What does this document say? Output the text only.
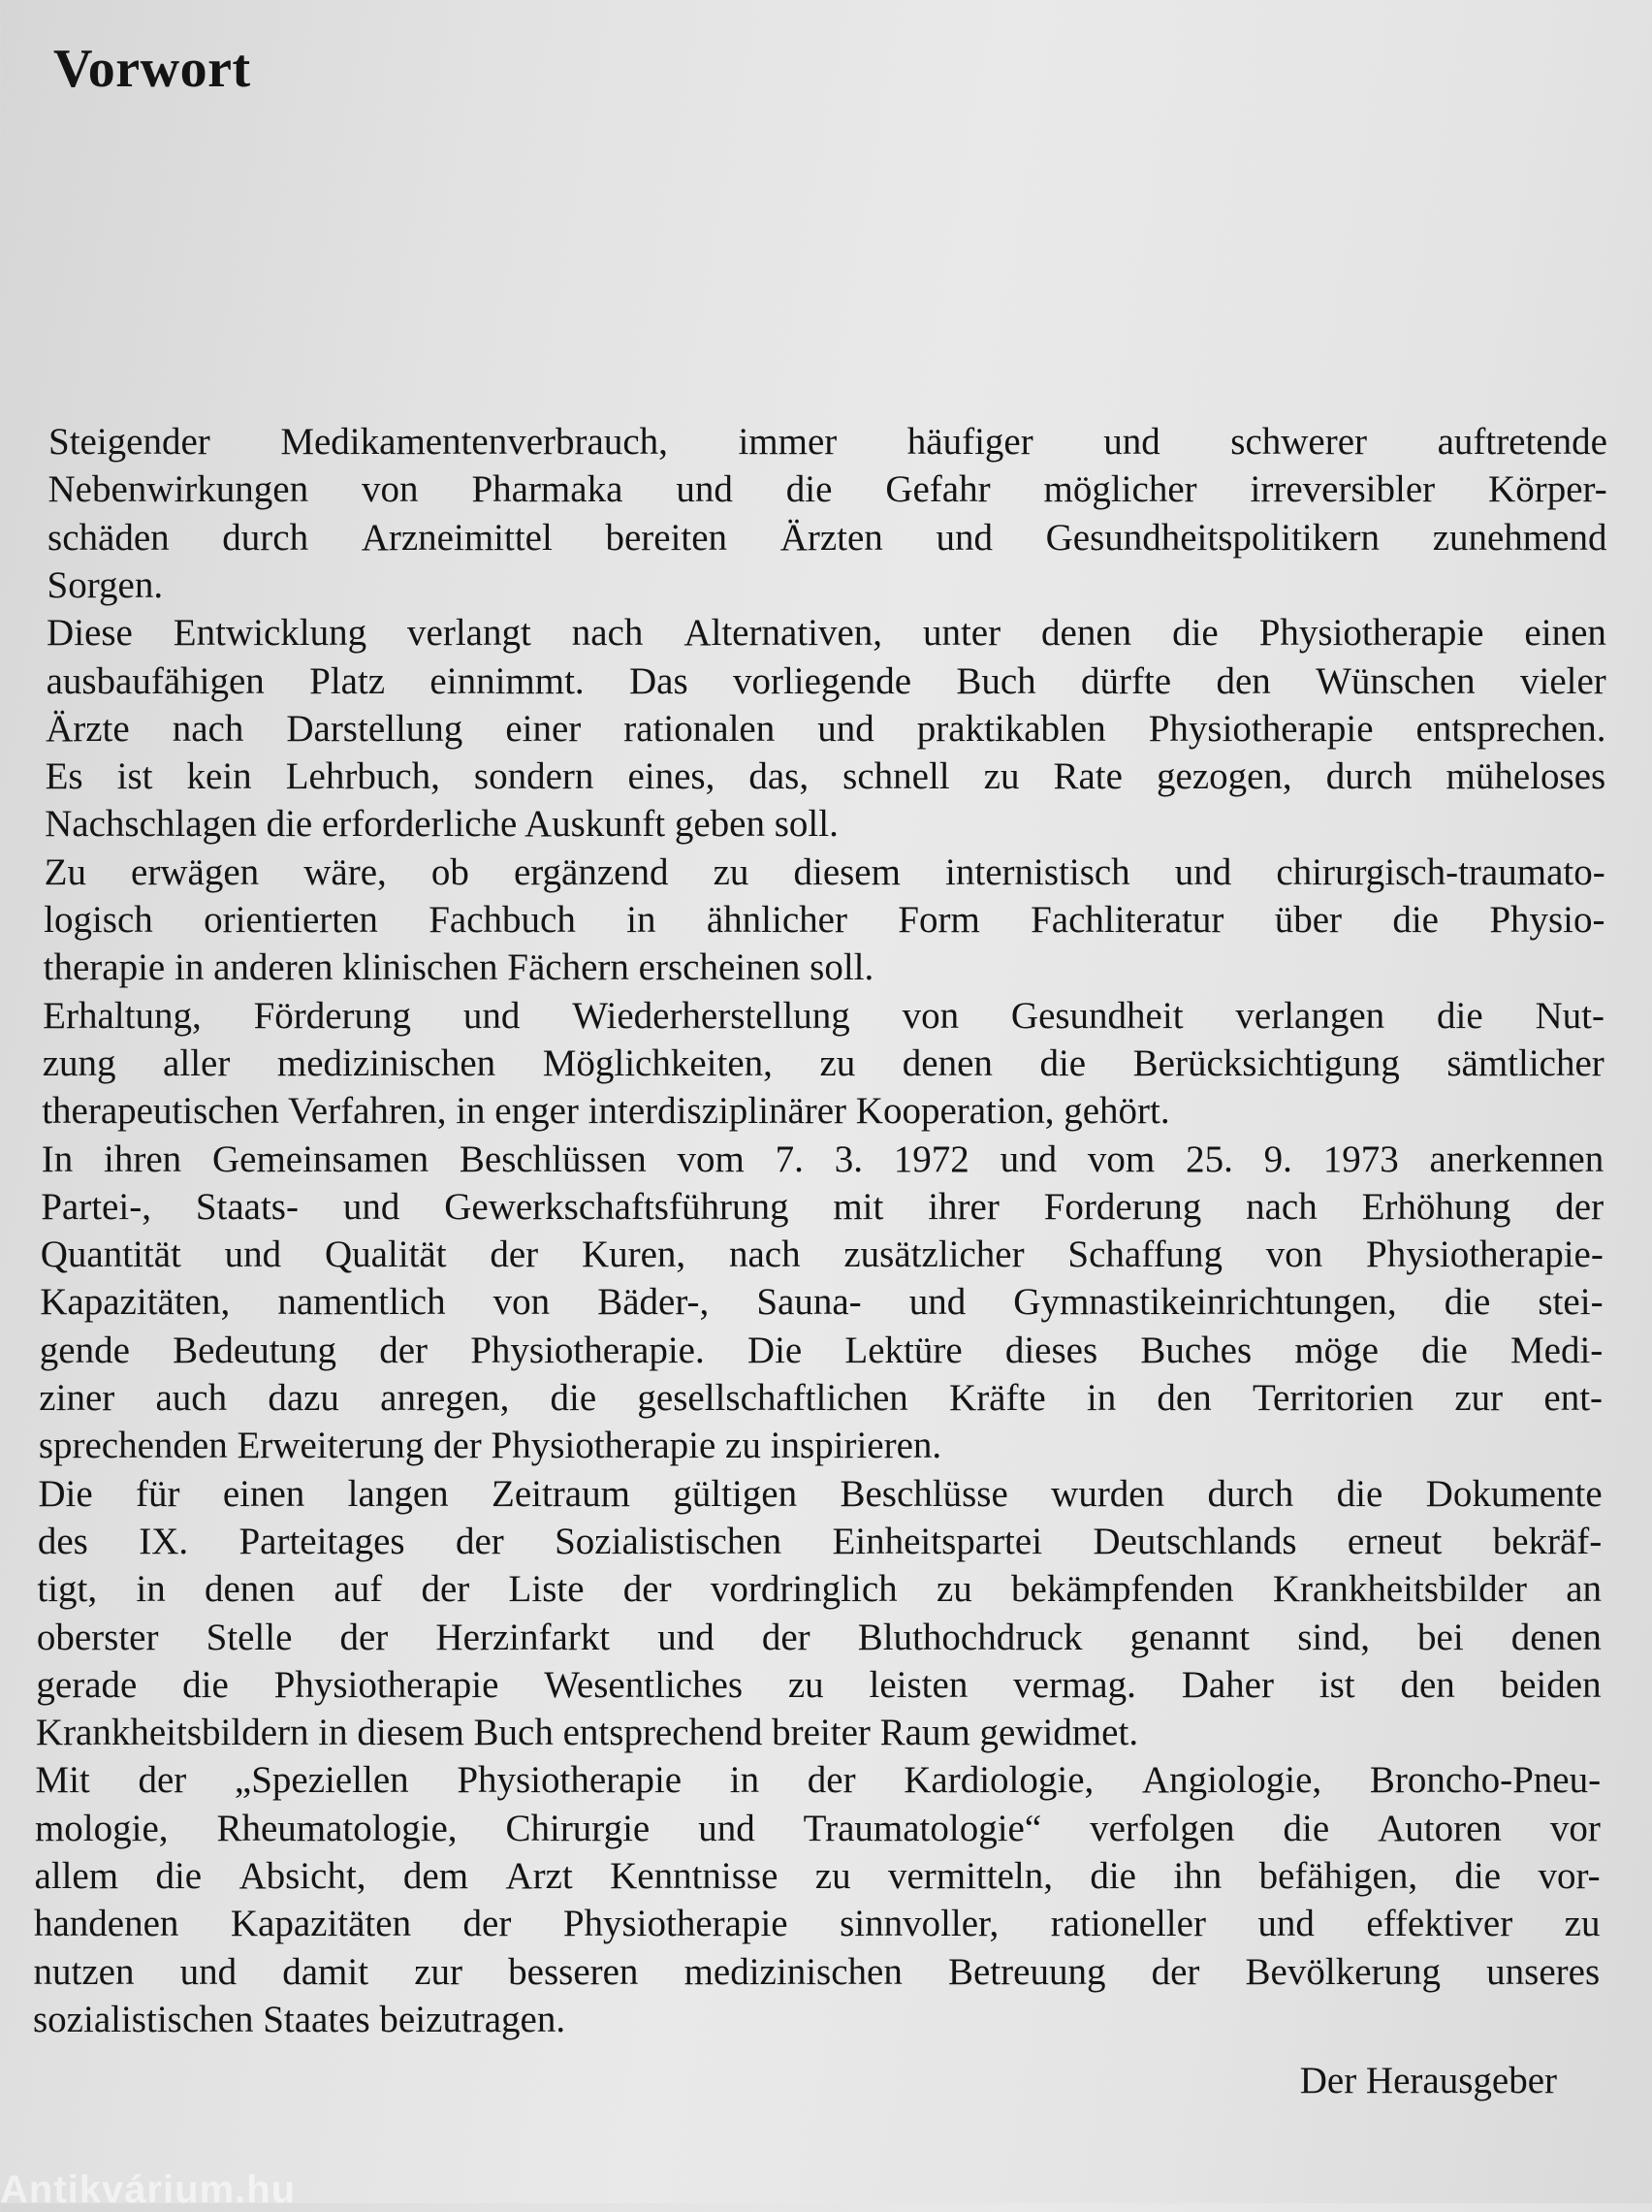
Vorwort
Steigender Medikamentenverbrauch, immer häufiger und schwerer auftretende
Nebenwirkungen von Pharmaka und die Gefahr möglicher irreversibler Körper-
schäden durch Arzneimittel bereiten Ärzten und Gesundheitspolitikern zunehmend
Sorgen.
Diese Entwicklung verlangt nach Alternativen, unter denen die Physiotherapie einen
ausbaufähigen Platz einnimmt. Das vorliegende Buch dürfte den Wünschen vieler
Ärzte nach Darstellung einer rationalen und praktikablen Physiotherapie entsprechen.
Es ist kein Lehrbuch, sondern eines, das, schnell zu Rate gezogen, durch müheloses
Nachschlagen die erforderliche Auskunft geben soll.
Zu erwägen wäre, ob ergänzend zu diesem internistisch und chirurgisch-traumato-
logisch orientierten Fachbuch in ähnlicher Form Fachliteratur über die Physio-
therapie in anderen klinischen Fächern erscheinen soll.
Erhaltung, Förderung und Wiederherstellung von Gesundheit verlangen die Nut-
zung aller medizinischen Möglichkeiten, zu denen die Berücksichtigung sämtlicher
therapeutischen Verfahren, in enger interdisziplinärer Kooperation, gehört.
In ihren Gemeinsamen Beschlüssen vom 7. 3. 1972 und vom 25. 9. 1973 anerkennen
Partei-, Staats- und Gewerkschaftsführung mit ihrer Forderung nach Erhöhung der
Quantität und Qualität der Kuren, nach zusätzlicher Schaffung von Physiotherapie-
Kapazitäten, namentlich von Bäder-, Sauna- und Gymnastikeinrichtungen, die stei-
gende Bedeutung der Physiotherapie. Die Lektüre dieses Buches möge die Medi-
ziner auch dazu anregen, die gesellschaftlichen Kräfte in den Territorien zur ent-
sprechenden Erweiterung der Physiotherapie zu inspirieren.
Die für einen langen Zeitraum gültigen Beschlüsse wurden durch die Dokumente
des IX. Parteitages der Sozialistischen Einheitspartei Deutschlands erneut bekräf-
tigt, in denen auf der Liste der vordringlich zu bekämpfenden Krankheitsbilder an
oberster Stelle der Herzinfarkt und der Bluthochdruck genannt sind, bei denen
gerade die Physiotherapie Wesentliches zu leisten vermag. Daher ist den beiden
Krankheitsbildern in diesem Buch entsprechend breiter Raum gewidmet.
Mit der „Speziellen Physiotherapie in der Kardiologie, Angiologie, Broncho-Pneu-
mologie, Rheumatologie, Chirurgie und Traumatologie“ verfolgen die Autoren vor
allem die Absicht, dem Arzt Kenntnisse zu vermitteln, die ihn befähigen, die vor-
handenen Kapazitäten der Physiotherapie sinnvoller, rationeller und effektiver zu
nutzen und damit zur besseren medizinischen Betreuung der Bevölkerung unseres
sozialistischen Staates beizutragen.
Der Herausgeber
Antikvárium.hu
